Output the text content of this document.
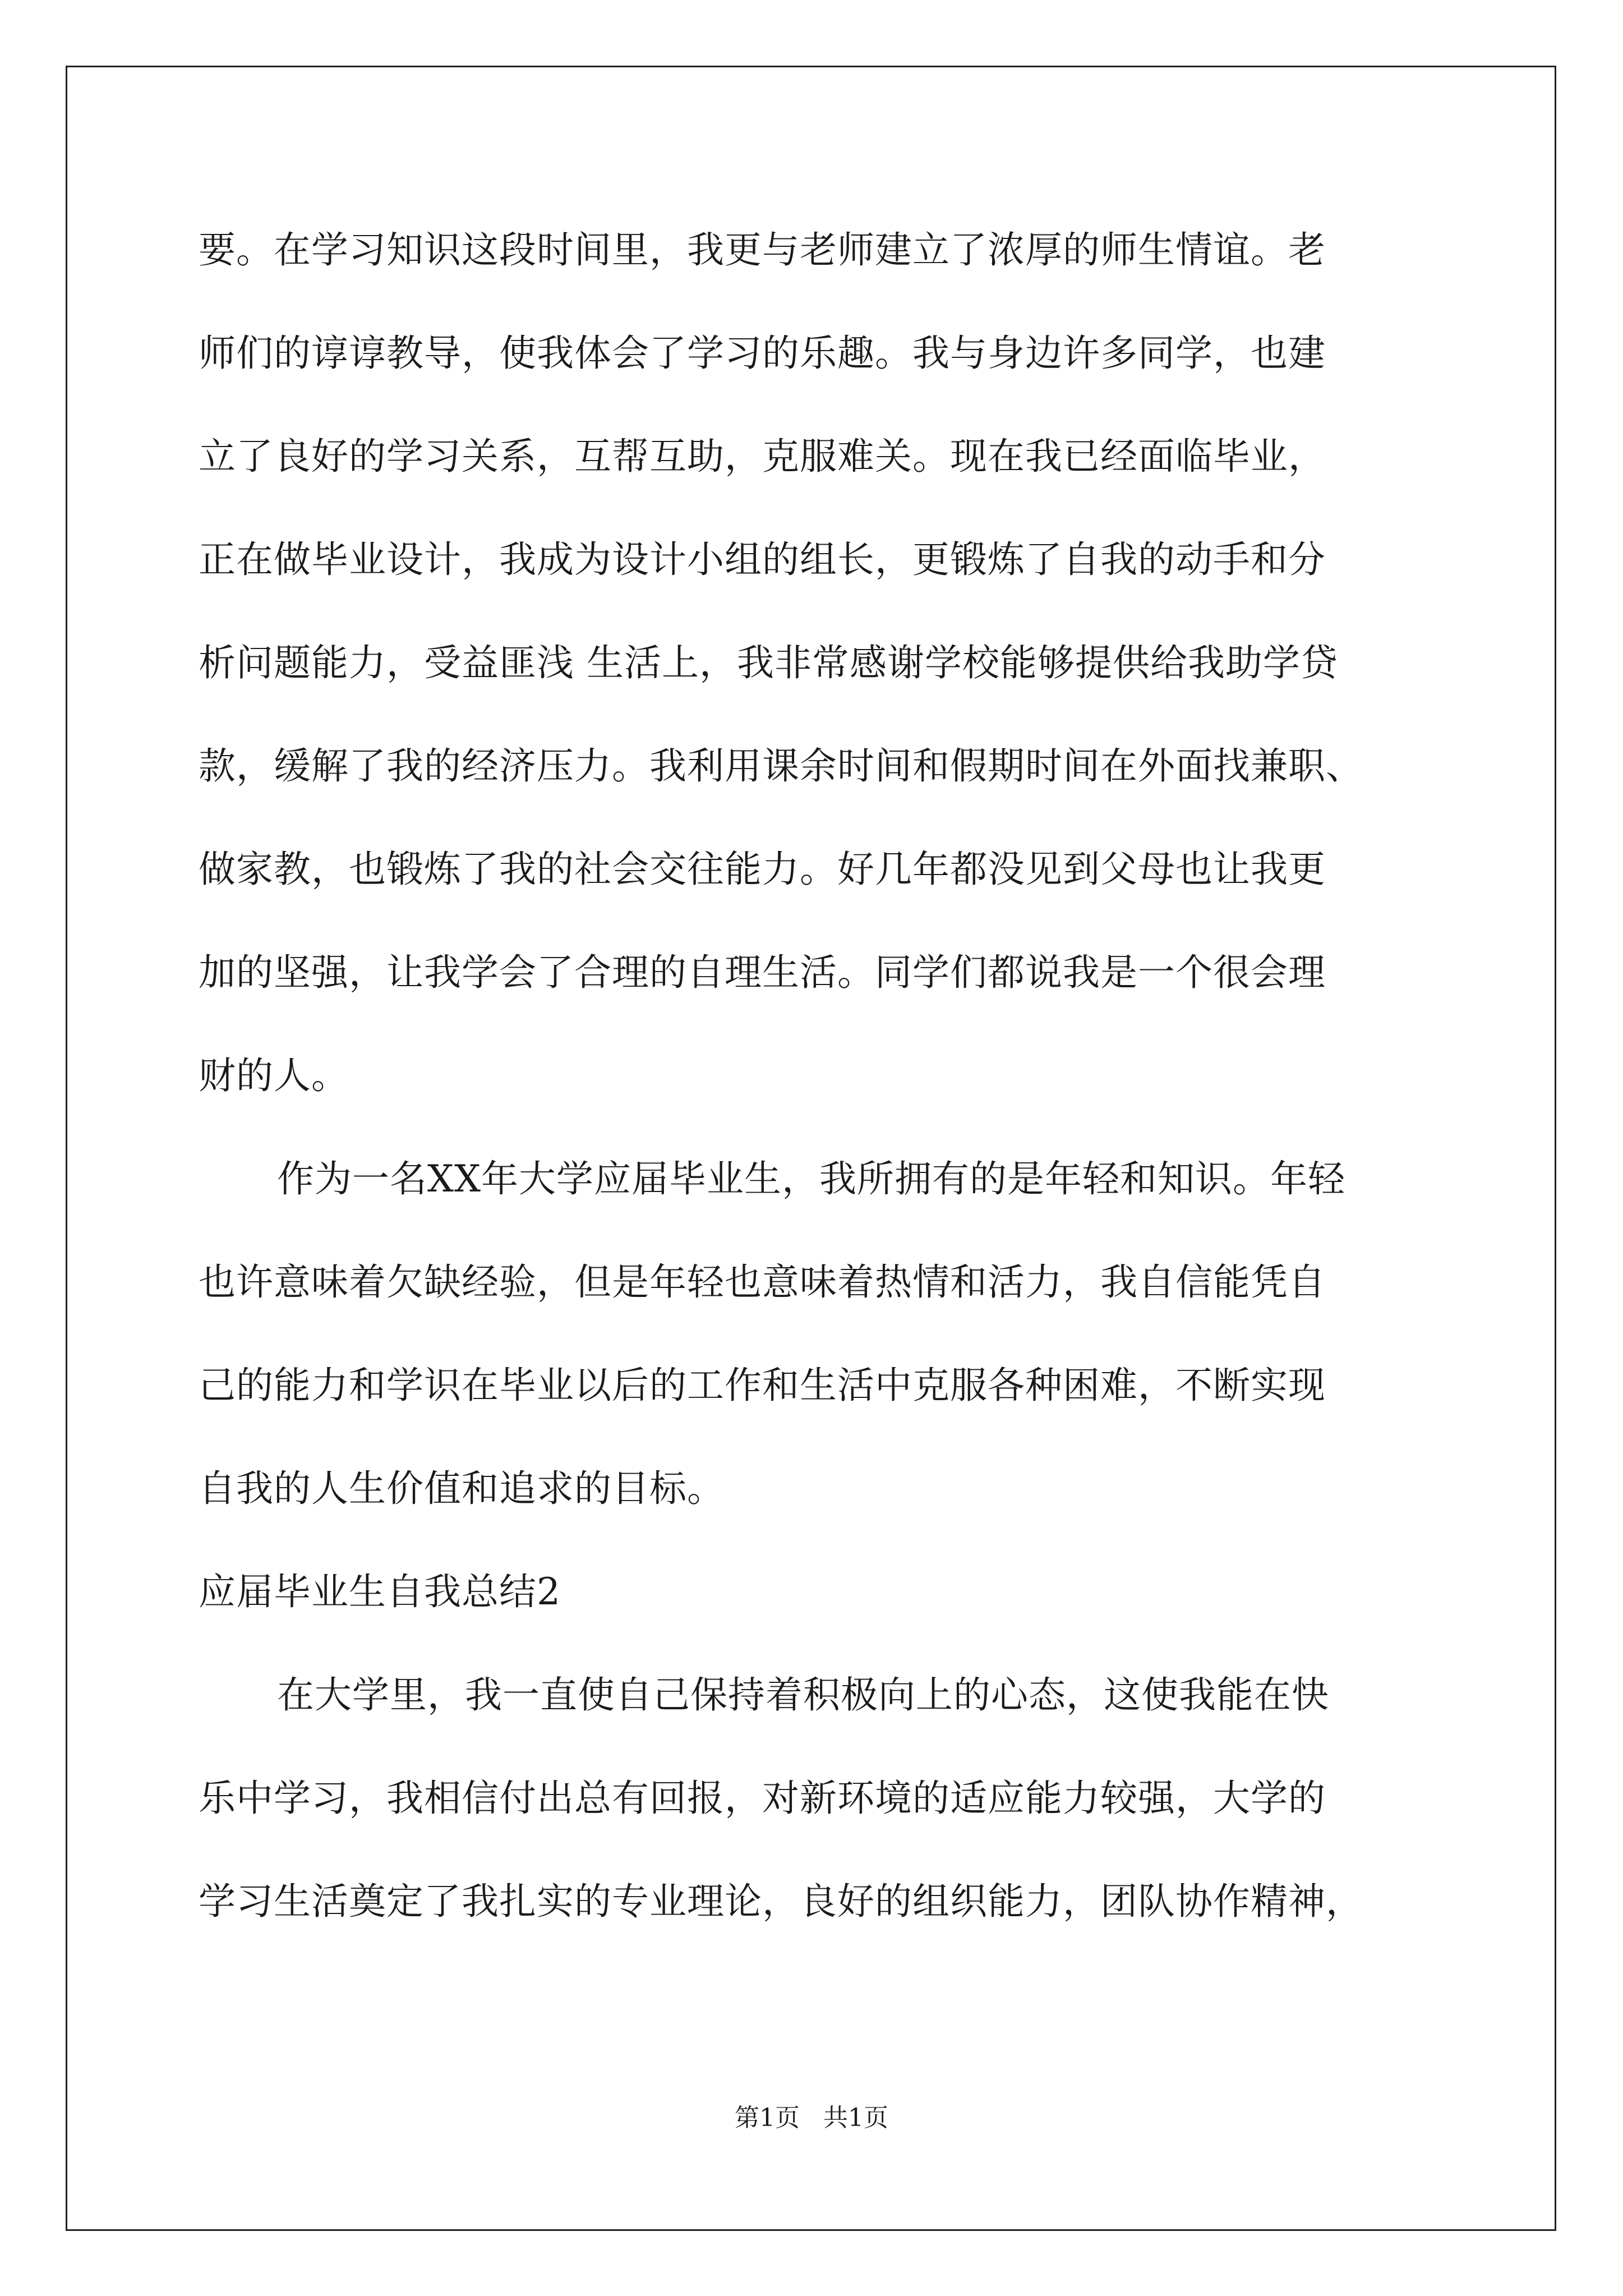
要。在学习知识这段时间里，我更与老师建立了浓厚的师生情谊。老
师们的谆谆教导，使我体会了学习的乐趣。我与身边许多同学，也建
立了良好的学习关系，互帮互助，克服难关。现在我已经面临毕业，
正在做毕业设计，我成为设计小组的组长，更锻炼了自我的动手和分
析问题能力，受益匪浅 生活上，我非常感谢学校能够提供给我助学贷
款，缓解了我的经济压力。我利用课余时间和假期时间在外面找兼职、
做家教，也锻炼了我的社会交往能力。好几年都没见到父母也让我更
加的坚强，让我学会了合理的自理生活。同学们都说我是一个很会理
财的人。
作为一名XX年大学应届毕业生，我所拥有的是年轻和知识。年轻
也许意味着欠缺经验，但是年轻也意味着热情和活力，我自信能凭自
己的能力和学识在毕业以后的工作和生活中克服各种困难，不断实现
自我的人生价值和追求的目标。
应届毕业生自我总结2
在大学里，我一直使自己保持着积极向上的心态，这使我能在快
乐中学习，我相信付出总有回报，对新环境的适应能力较强，大学的
学习生活奠定了我扎实的专业理论，良好的组织能力，团队协作精神，
第1页   共1页
